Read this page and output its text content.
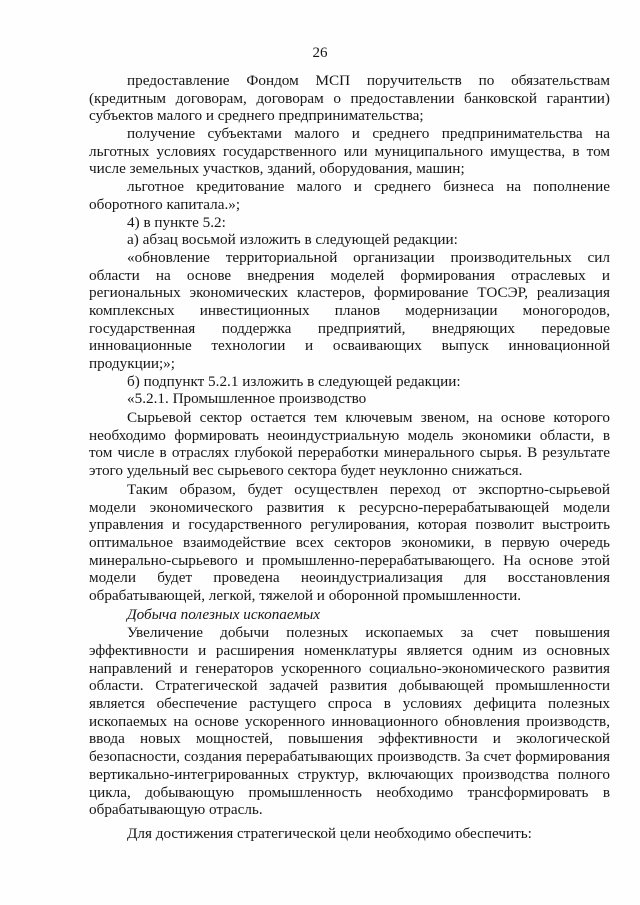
26
предоставление Фондом МСП поручительств по обязательствам
(кредитным договорам, договорам о предоставлении банковской гарантии)
субъектов малого и среднего предпринимательства;
получение субъектами малого и среднего предпринимательства на
льготных условиях государственного или муниципального имущества, в том
числе земельных участков, зданий, оборудования, машин;
льготное кредитование малого и среднего бизнеса на пополнение
оборотного капитала.»;
4) в пункте 5.2:
а) абзац восьмой изложить в следующей редакции:
«обновление территориальной организации производительных сил
области на основе внедрения моделей формирования отраслевых и
региональных экономических кластеров, формирование ТОСЭР, реализация
комплексных инвестиционных планов модернизации моногородов,
государственная поддержка предприятий, внедряющих передовые
инновационные технологии и осваивающих выпуск инновационной
продукции;»;
б) подпункт 5.2.1 изложить в следующей редакции:
«5.2.1. Промышленное производство
Сырьевой сектор остается тем ключевым звеном, на основе которого
необходимо формировать неоиндустриальную модель экономики области, в
том числе в отраслях глубокой переработки минерального сырья. В результате
этого удельный вес сырьевого сектора будет неуклонно снижаться.
Таким образом, будет осуществлен переход от экспортно-сырьевой
модели экономического развития к ресурсно-перерабатывающей модели
управления и государственного регулирования, которая позволит выстроить
оптимальное взаимодействие всех секторов экономики, в первую очередь
минерально-сырьевого и промышленно-перерабатывающего. На основе этой
модели будет проведена неоиндустриализация для восстановления
обрабатывающей, легкой, тяжелой и оборонной промышленности.
Добыча полезных ископаемых
Увеличение добычи полезных ископаемых за счет повышения
эффективности и расширения номенклатуры является одним из основных
направлений и генераторов ускоренного социально-экономического развития
области. Стратегической задачей развития добывающей промышленности
является обеспечение растущего спроса в условиях дефицита полезных
ископаемых на основе ускоренного инновационного обновления производств,
ввода новых мощностей, повышения эффективности и экологической
безопасности, создания перерабатывающих производств. За счет формирования
вертикально-интегрированных структур, включающих производства полного
цикла, добывающую промышленность необходимо трансформировать в
обрабатывающую отрасль.
Для достижения стратегической цели необходимо обеспечить:
